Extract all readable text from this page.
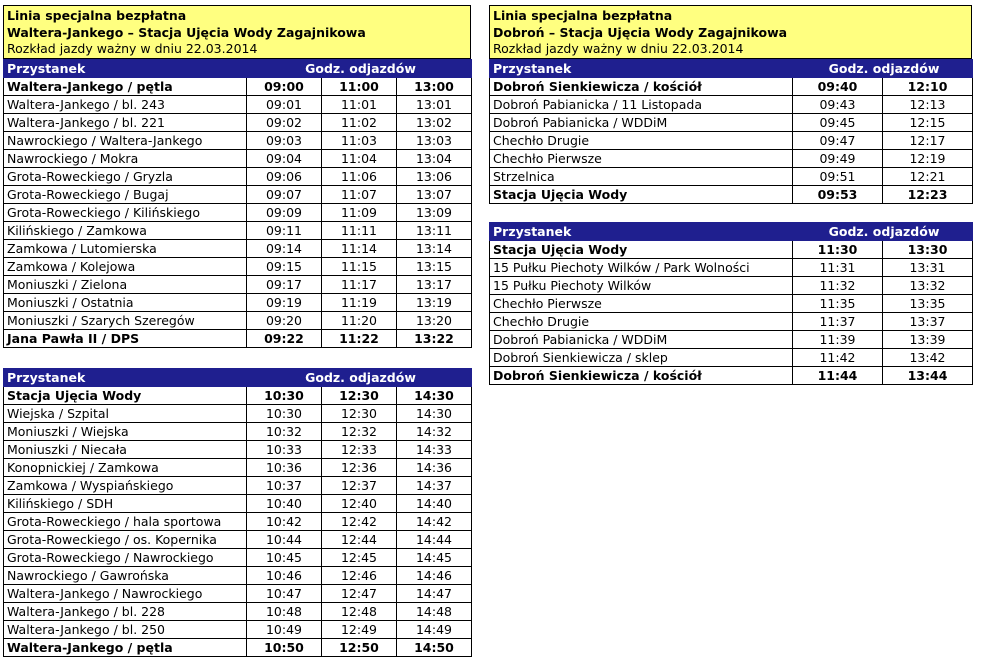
Linia specjalna bezpłatna
Waltera-Jankego – Stacja Ujęcia Wody Zagajnikowa
Rozkład jazdy ważny w dniu 22.03.2014
Linia specjalna bezpłatna
Dobroń – Stacja Ujęcia Wody Zagajnikowa
Rozkład jazdy ważny w dniu 22.03.2014
Przystanek	Godz. odjazdów		
Waltera-Jankego / pętla	09:00	11:00	13:00
Waltera-Jankego / bl. 243	09:01	11:01	13:01
Waltera-Jankego / bl. 221	09:02	11:02	13:02
Nawrockiego / Waltera-Jankego	09:03	11:03	13:03
Nawrockiego / Mokra	09:04	11:04	13:04
Grota-Roweckiego / Gryzla	09:06	11:06	13:06
Grota-Roweckiego / Bugaj	09:07	11:07	13:07
Grota-Roweckiego / Kilińskiego	09:09	11:09	13:09
Kilińskiego / Zamkowa	09:11	11:11	13:11
Zamkowa / Lutomierska	09:14	11:14	13:14
Zamkowa / Kolejowa	09:15	11:15	13:15
Moniuszki / Zielona	09:17	11:17	13:17
Moniuszki / Ostatnia	09:19	11:19	13:19
Moniuszki / Szarych Szeregów	09:20	11:20	13:20
Jana Pawła II / DPS	09:22	11:22	13:22
Przystanek	Godz. odjazdów		
Stacja Ujęcia Wody	10:30	12:30	14:30
Wiejska / Szpital	10:30	12:30	14:30
Moniuszki / Wiejska	10:32	12:32	14:32
Moniuszki / Niecała	10:33	12:33	14:33
Konopnickiej / Zamkowa	10:36	12:36	14:36
Zamkowa / Wyspiańskiego	10:37	12:37	14:37
Kilińskiego / SDH	10:40	12:40	14:40
Grota-Roweckiego / hala sportowa	10:42	12:42	14:42
Grota-Roweckiego / os. Kopernika	10:44	12:44	14:44
Grota-Roweckiego / Nawrockiego	10:45	12:45	14:45
Nawrockiego / Gawrońska	10:46	12:46	14:46
Waltera-Jankego / Nawrockiego	10:47	12:47	14:47
Waltera-Jankego / bl. 228	10:48	12:48	14:48
Waltera-Jankego / bl. 250	10:49	12:49	14:49
Waltera-Jankego / pętla	10:50	12:50	14:50
Przystanek	Godz. odjazdów	
Dobroń Sienkiewicza / kościół	09:40	12:10
Dobroń Pabianicka / 11 Listopada	09:43	12:13
Dobroń Pabianicka / WDDiM	09:45	12:15
Chechło Drugie	09:47	12:17
Chechło Pierwsze	09:49	12:19
Strzelnica	09:51	12:21
Stacja Ujęcia Wody	09:53	12:23
Przystanek	Godz. odjazdów	
Stacja Ujęcia Wody	11:30	13:30
15 Pułku Piechoty Wilków / Park Wolności	11:31	13:31
15 Pułku Piechoty Wilków	11:32	13:32
Chechło Pierwsze	11:35	13:35
Chechło Drugie	11:37	13:37
Dobroń Pabianicka / WDDiM	11:39	13:39
Dobroń Sienkiewicza / sklep	11:42	13:42
Dobroń Sienkiewicza / kościół	11:44	13:44
